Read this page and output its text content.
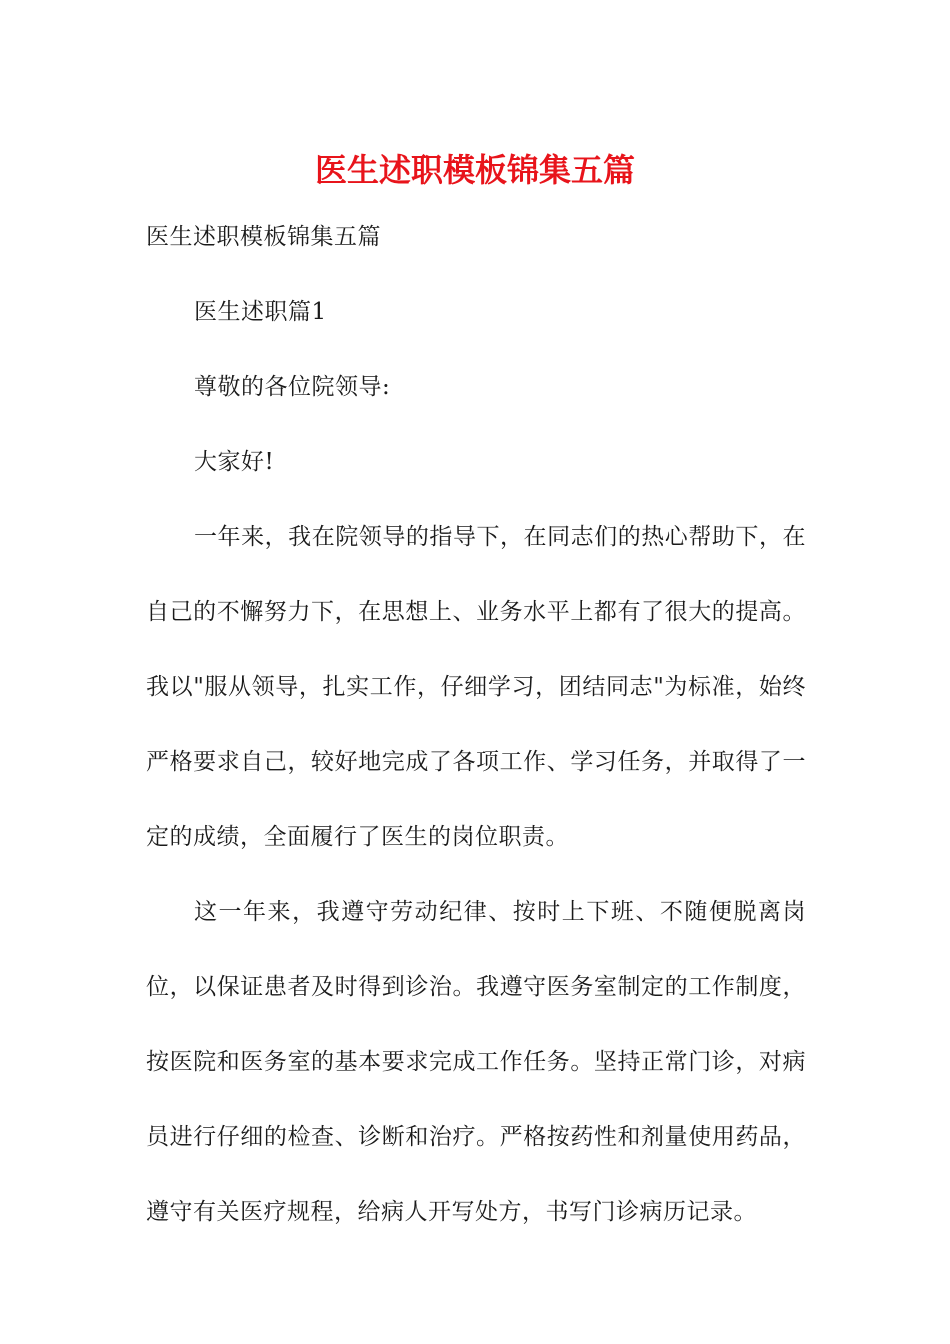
医生述职模板锦集五篇

医生述职模板锦集五篇

医生述职篇1

尊敬的各位院领导:

大家好!

一年来，我在院领导的指导下，在同志们的热心帮助下，在自己的不懈努力下，在思想上、业务水平上都有了很大的提高。我以"服从领导，扎实工作，仔细学习，团结同志"为标准，始终严格要求自己，较好地完成了各项工作、学习任务，并取得了一定的成绩，全面履行了医生的岗位职责。

这一年来，我遵守劳动纪律、按时上下班、不随便脱离岗位，以保证患者及时得到诊治。我遵守医务室制定的工作制度，按医院和医务室的基本要求完成工作任务。坚持正常门诊，对病员进行仔细的检查、诊断和治疗。严格按药性和剂量使用药品，遵守有关医疗规程，给病人开写处方，书写门诊病历记录。
